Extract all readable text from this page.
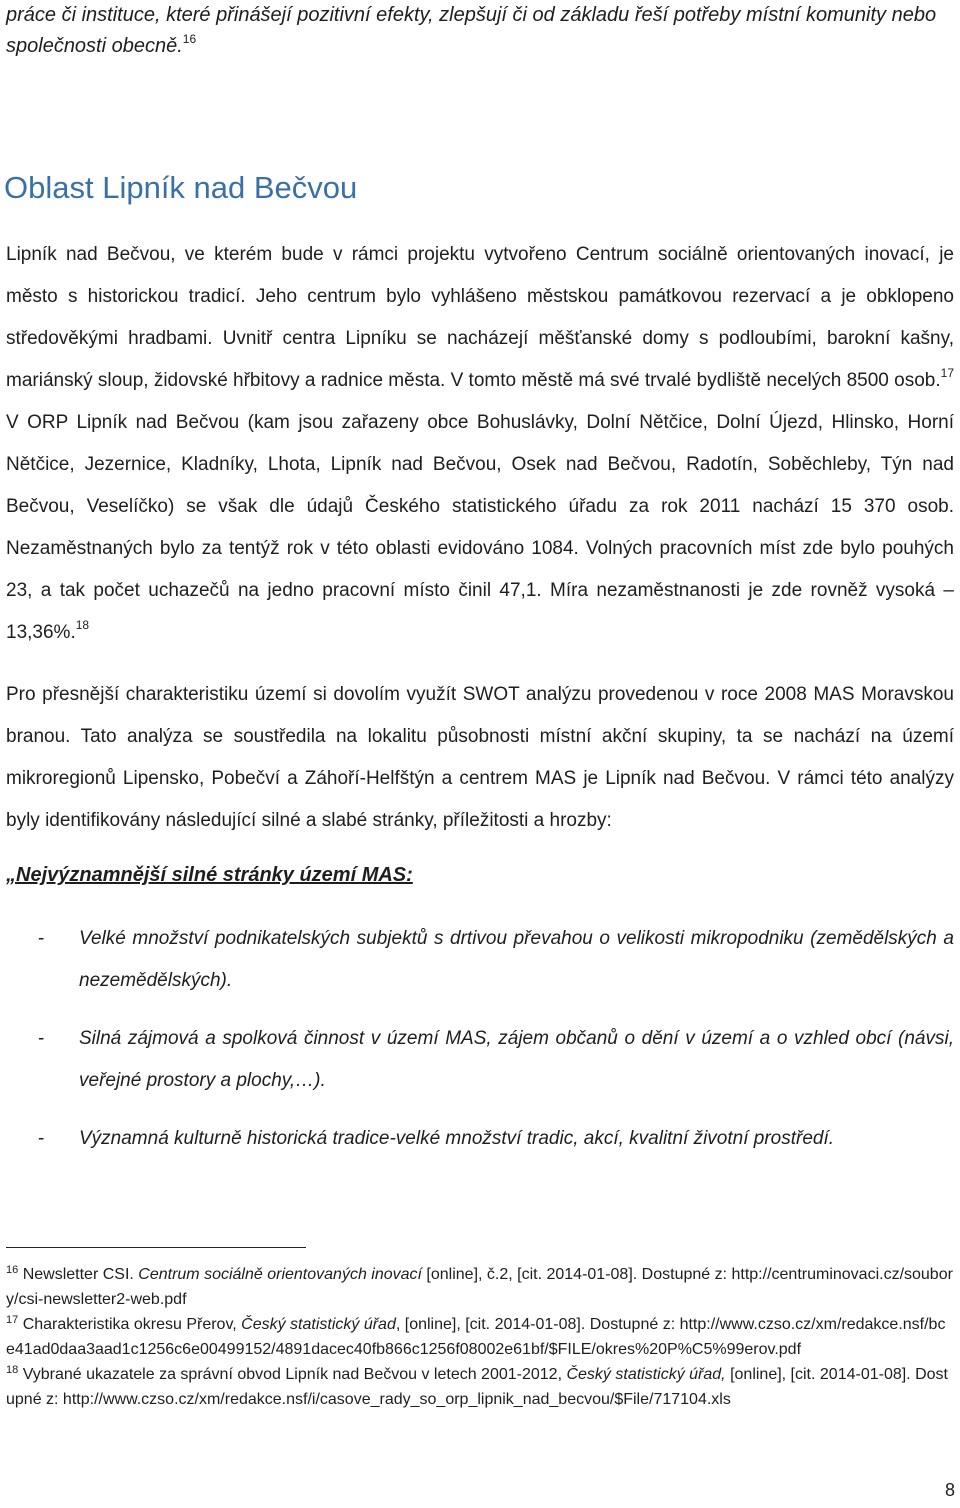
práce či instituce, které přinášejí pozitivní efekty, zlepšují či od základu řeší potřeby místní komunity nebo společnosti obecně.$^{16}$

Oblast Lipník nad Bečvou

Lipník nad Bečvou, ve kterém bude v rámci projektu vytvořeno Centrum sociálně orientovaných inovací, je město s historickou tradicí. Jeho centrum bylo vyhlášeno městskou památkovou rezervací a je obklopeno středověkými hradbami. Uvnitř centra Lipníku se nacházejí měšťanské domy s podloubími, barokní kašny, mariánský sloup, židovské hřbitovy a radnice města. V tomto městě má své trvalé bydliště necelých 8500 osob.$^{17}$ V ORP Lipník nad Bečvou (kam jsou zařazeny obce Bohuslávky, Dolní Nětčice, Dolní Újezd, Hlinsko, Horní Nětčice, Jezernice, Kladníky, Lhota, Lipník nad Bečvou, Osek nad Bečvou, Radotín, Soběchleby, Týn nad Bečvou, Veselíčko) se však dle údajů Českého statistického úřadu za rok 2011 nachází 15 370 osob. Nezaměstnaných bylo za tentýž rok v této oblasti evidováno 1084. Volných pracovních míst zde bylo pouhých 23, a tak počet uchazečů na jedno pracovní místo činil 47,1. Míra nezaměstnanosti je zde rovněž vysoká – 13,36%.$^{18}$

Pro přesnější charakteristiku území si dovolím využít SWOT analýzu provedenou v roce 2008 MAS Moravskou branou. Tato analýza se soustředila na lokalitu působnosti místní akční skupiny, ta se nachází na území mikroregionů Lipensko, Pobečví a Záhoří-Helfštýn a centrem MAS je Lipník nad Bečvou. V rámci této analýzy byly identifikovány následující silné a slabé stránky, příležitosti a hrozby:

„Nejvýznamnější silné stránky území MAS:
- Velké množství podnikatelských subjektů s drtivou převahou o velikosti mikropodniku (zemědělských a nezemědělských).
- Silná zájmová a spolková činnost v území MAS, zájem občanů o dění v území a o vzhled obcí (návsi, veřejné prostory a plochy,…).
- Významná kulturně historická tradice-velké množství tradic, akcí, kvalitní životní prostředí.

$^{16}$ Newsletter CSI. Centrum sociálně orientovaných inovací [online], č.2, [cit. 2014-01-08]. Dostupné z: http://centruminovaci.cz/soubory/csi-newsletter2-web.pdf

$^{17}$ Charakteristika okresu Přerov, Český statistický úřad, [online], [cit. 2014-01-08]. Dostupné z: http://www.czso.cz/xm/redakce.nsf/bce41ad0daa3aad1c1256c6e00499152/4891dacec40fb866c1256f08002e61bf/$FILE/okres%20P%C5%99erov.pdf

$^{18}$ Vybrané ukazatele za správní obvod Lipník nad Bečvou v letech 2001-2012, Český statistický úřad, [online], [cit. 2014-01-08]. Dostupné z: http://www.czso.cz/xm/redakce.nsf/i/casove_rady_so_orp_lipnik_nad_becvou/$File/717104.xls

8
